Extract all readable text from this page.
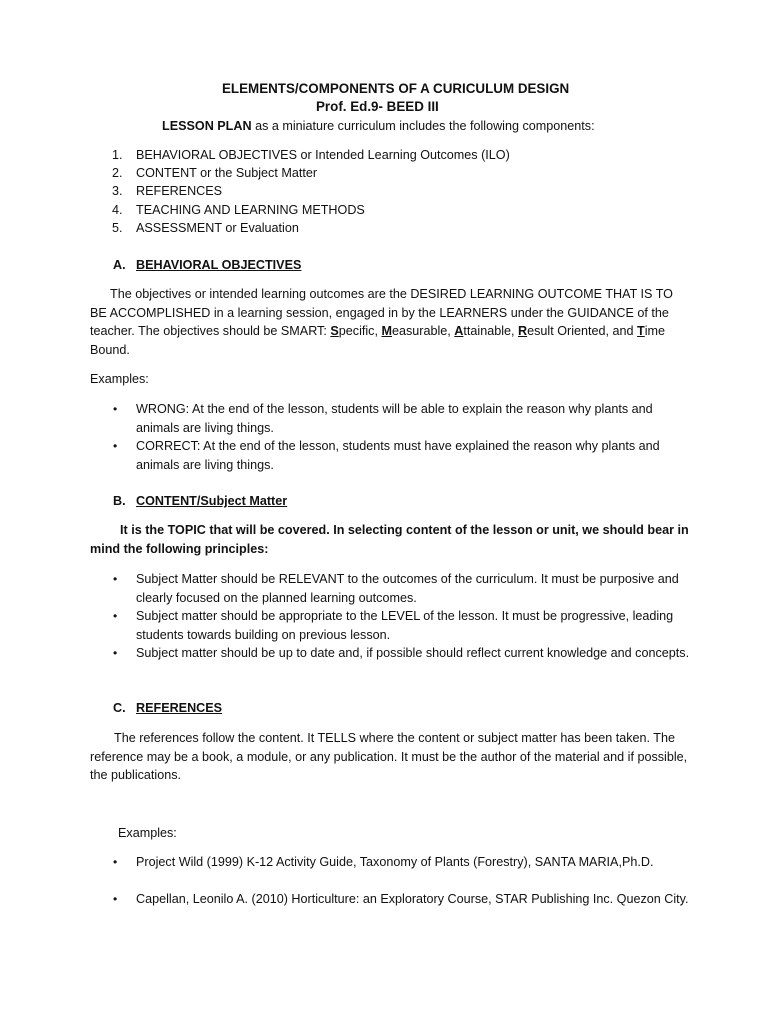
ELEMENTS/COMPONENTS OF A CURICULUM DESIGN
Prof. Ed.9- BEED III
LESSON PLAN as a miniature curriculum includes the following components:
1. BEHAVIORAL OBJECTIVES or Intended Learning Outcomes (ILO)
2. CONTENT or the Subject Matter
3. REFERENCES
4. TEACHING AND LEARNING METHODS
5. ASSESSMENT or Evaluation
A. BEHAVIORAL OBJECTIVES
The objectives or intended learning outcomes are the DESIRED LEARNING OUTCOME THAT IS TO BE ACCOMPLISHED in a learning session, engaged in by the LEARNERS under the GUIDANCE of the teacher. The objectives should be SMART: Specific, Measurable, Attainable, Result Oriented, and Time Bound.
Examples:
• WRONG: At the end of the lesson, students will be able to explain the reason why plants and animals are living things.
• CORRECT: At the end of the lesson, students must have explained the reason why plants and animals are living things.
B. CONTENT/Subject Matter
It is the TOPIC that will be covered. In selecting content of the lesson or unit, we should bear in mind the following principles:
• Subject Matter should be RELEVANT to the outcomes of the curriculum. It must be purposive and clearly focused on the planned learning outcomes.
• Subject matter should be appropriate to the LEVEL of the lesson. It must be progressive, leading students towards building on previous lesson.
• Subject matter should be up to date and, if possible should reflect current knowledge and concepts.
C. REFERENCES
The references follow the content. It TELLS where the content or subject matter has been taken. The reference may be a book, a module, or any publication. It must be the author of the material and if possible, the publications.
Examples:
• Project Wild (1999) K-12 Activity Guide, Taxonomy of Plants (Forestry), SANTA MARIA,Ph.D.
• Capellan, Leonilo A. (2010) Horticulture: an Exploratory Course, STAR Publishing Inc. Quezon City.
